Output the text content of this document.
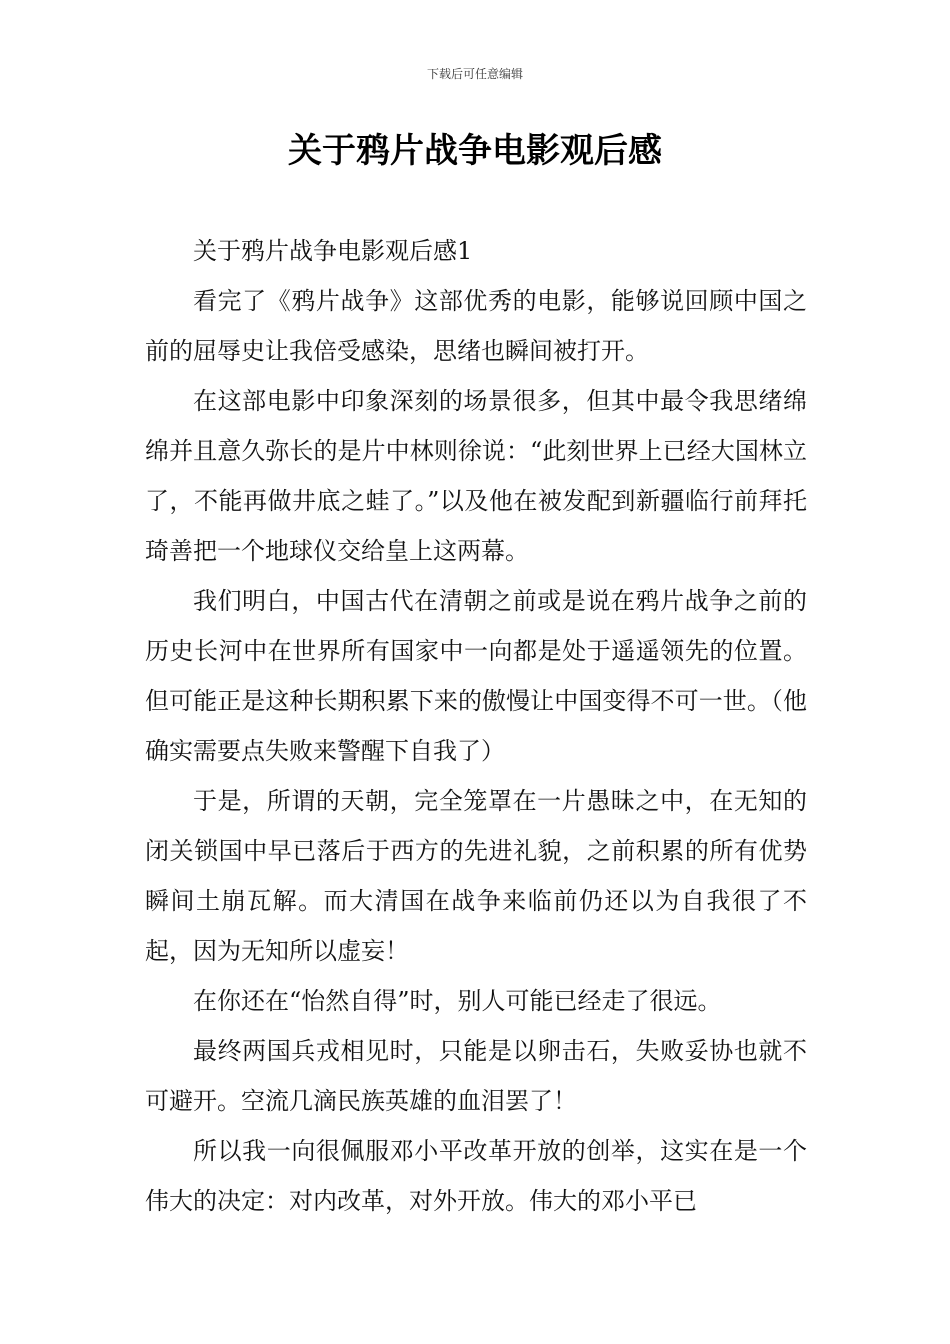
下载后可任意编辑
关于鸦片战争电影观后感

关于鸦片战争电影观后感1

看完了《鸦片战争》这部优秀的电影，能够说回顾中国之前的屈辱史让我倍受感染，思绪也瞬间被打开。

在这部电影中印象深刻的场景很多，但其中最令我思绪绵绵并且意久弥长的是片中林则徐说：“此刻世界上已经大国林立了，不能再做井底之蛙了。”以及他在被发配到新疆临行前拜托琦善把一个地球仪交给皇上这两幕。

我们明白，中国古代在清朝之前或是说在鸦片战争之前的历史长河中在世界所有国家中一向都是处于遥遥领先的位置。但可能正是这种长期积累下来的傲慢让中国变得不可一世。（他确实需要点失败来警醒下自我了）

于是，所谓的天朝，完全笼罩在一片愚昧之中，在无知的闭关锁国中早已落后于西方的先进礼貌，之前积累的所有优势瞬间土崩瓦解。而大清国在战争来临前仍还以为自我很了不起，因为无知所以虚妄！

在你还在“怡然自得”时，别人可能已经走了很远。

最终两国兵戎相见时，只能是以卵击石，失败妥协也就不可避开。空流几滴民族英雄的血泪罢了！

所以我一向很佩服邓小平改革开放的创举，这实在是一个伟大的决定：对内改革，对外开放。伟大的邓小平已
